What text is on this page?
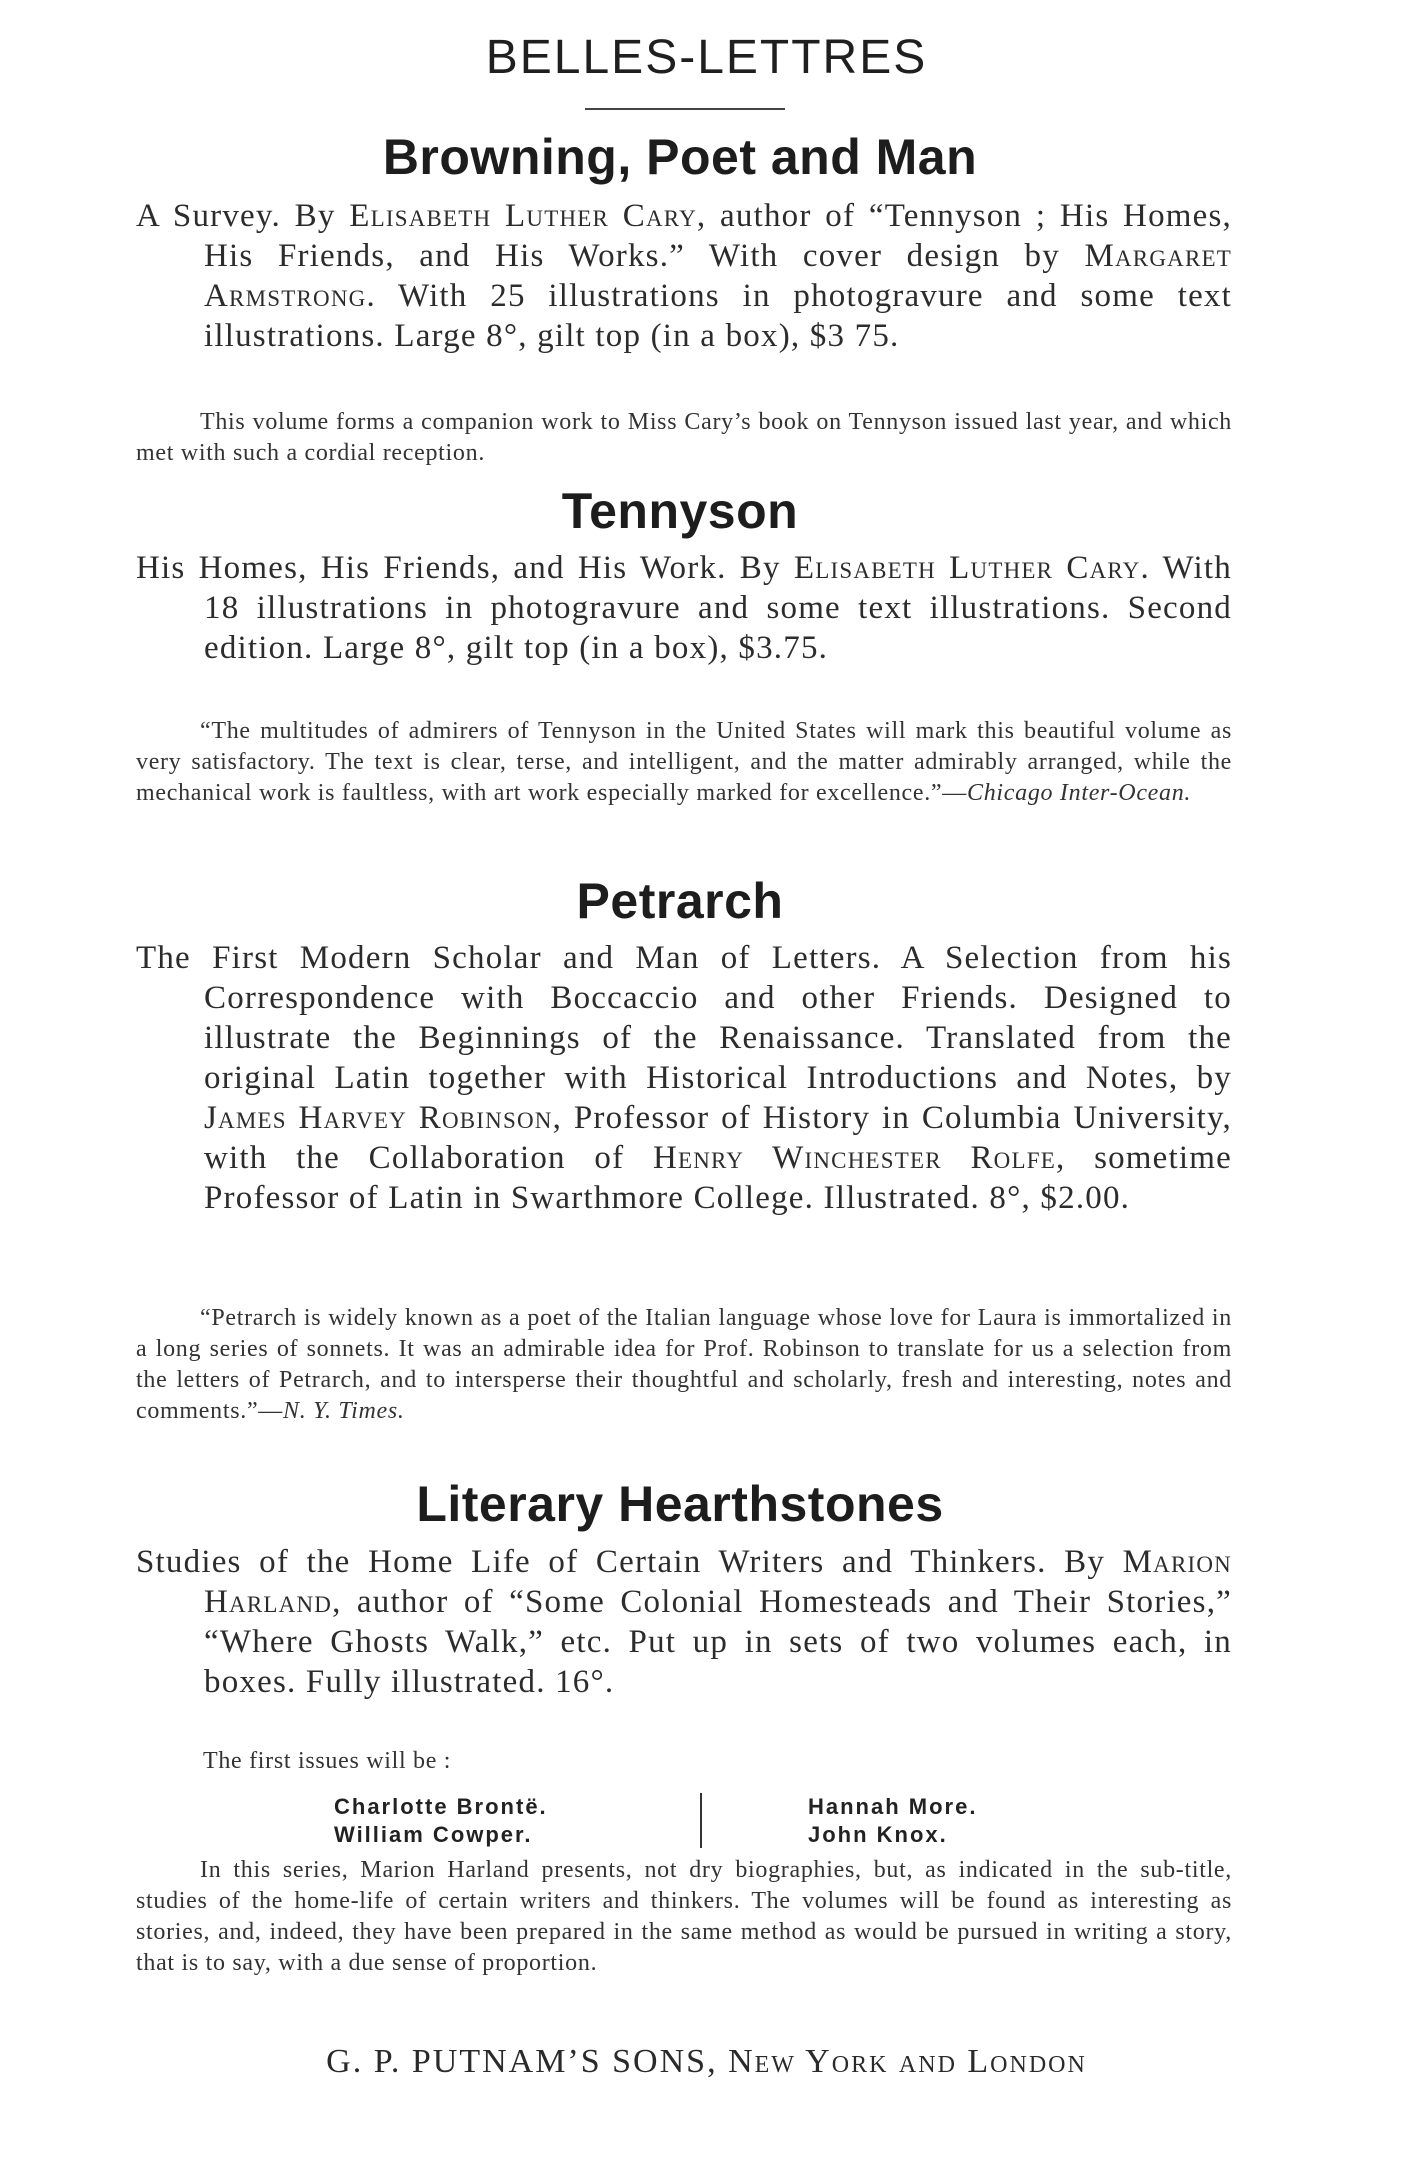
BELLES-LETTRES
Browning, Poet and Man

A Survey. By Elisabeth Luther Cary, author of “Tennyson ; His Homes, His Friends, and His Works.” With cover design by Margaret Armstrong. With 25 illustrations in photogravure and some text illustrations. Large 8°, gilt top (in a box), $3 75.

This volume forms a companion work to Miss Cary’s book on Tennyson issued last year, and which met with such a cordial reception.

Tennyson

His Homes, His Friends, and His Work. By Elisabeth Luther Cary. With 18 illustrations in photogravure and some text illustrations. Second edition. Large 8°, gilt top (in a box), $3.75.

“The multitudes of admirers of Tennyson in the United States will mark this beautiful volume as very satisfactory. The text is clear, terse, and intelligent, and the matter admirably arranged, while the mechanical work is faultless, with art work especially marked for excellence.”—Chicago Inter-Ocean.

Petrarch

The First Modern Scholar and Man of Letters. A Selection from his Correspondence with Boccaccio and other Friends. Designed to illustrate the Beginnings of the Renaissance. Translated from the original Latin together with Historical Introductions and Notes, by James Harvey Robinson, Professor of History in Columbia University, with the Collaboration of Henry Winchester Rolfe, sometime Professor of Latin in Swarthmore College. Illustrated. 8°, $2.00.

“Petrarch is widely known as a poet of the Italian language whose love for Laura is immortalized in a long series of sonnets. It was an admirable idea for Prof. Robinson to translate for us a selection from the letters of Petrarch, and to intersperse their thoughtful and scholarly, fresh and interesting, notes and comments.”—N. Y. Times.

Literary Hearthstones

Studies of the Home Life of Certain Writers and Thinkers. By Marion Harland, author of “Some Colonial Homesteads and Their Stories,” “Where Ghosts Walk,” etc. Put up in sets of two volumes each, in boxes. Fully illustrated. 16°.

The first issues will be :
Charlotte Brontë.
William Cowper.
Hannah More.
John Knox.

In this series, Marion Harland presents, not dry biographies, but, as indicated in the sub-title, studies of the home-life of certain writers and thinkers. The volumes will be found as interesting as stories, and, indeed, they have been prepared in the same method as would be pursued in writing a story, that is to say, with a due sense of proportion.

G. P. PUTNAM’S SONS, New York and London
